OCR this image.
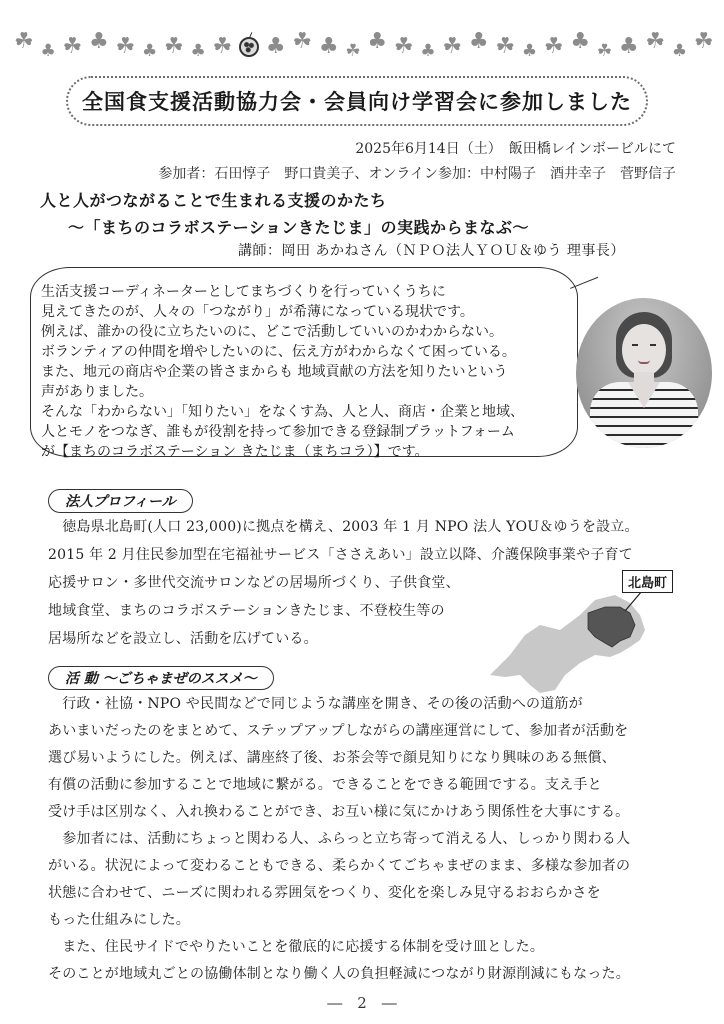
☘ ♣ ☘ ♣ ☘ ♣ ☘ ♣ ☘ ♣ ☘ ♣ ☘ ♣ ☘ ♣ ☘ ♣ ☘ ♣ ☘ ♣ ☘ ♣ ☘ ♣ ☘
全国食支援活動協力会・会員向け学習会に参加しました
2025年6月14日（土）　飯田橋レインボービルにて
参加者：石田惇子　野口貴美子、オンライン参加：中村陽子　酒井幸子　菅野信子
人と人がつながることで生まれる支援のかたち
～「まちのコラボステーションきたじま」の実践からまなぶ～
講師：岡田 あかねさん（ＮＰＯ法人ＹＯＵ＆ゆう 理事長）
生活支援コーディネーターとしてまちづくりを行っていくうちに
見えてきたのが、人々の「つながり」が希薄になっている現状です。
例えば、誰かの役に立ちたいのに、どこで活動していいのかわからない。
ボランティアの仲間を増やしたいのに、伝え方がわからなくて困っている。
また、地元の商店や企業の皆さまからも 地域貢献の方法を知りたいという
声がありました。
そんな「わからない」「知りたい」をなくす為、人と人、商店・企業と地域、
人とモノをつなぎ、誰もが役割を持って参加できる登録制プラットフォーム
が【まちのコラボステーション きたじま（まちコラ）】です。
法人プロフィール
　徳島県北島町(人口 23,000)に拠点を構え、2003 年 1 月 NPO 法人 YOU＆ゆうを設立。
2015 年 2 月住民参加型在宅福祉サービス「ささえあい」設立以降、介護保険事業や子育て
応援サロン・多世代交流サロンなどの居場所づくり、子供食堂、
地域食堂、まちのコラボステーションきたじま、不登校生等の
居場所などを設立し、活動を広げている。
北島町
活 動 ～ごちゃまぜのススメ～
　行政・社協・NPO や民間などで同じような講座を開き、その後の活動への道筋が
あいまいだったのをまとめて、ステップアップしながらの講座運営にして、参加者が活動を
選び易いようにした。例えば、講座終了後、お茶会等で顔見知りになり興味のある無償、
有償の活動に参加することで地域に繋がる。できることをできる範囲でする。支え手と
受け手は区別なく、入れ換わることができ、お互い様に気にかけあう関係性を大事にする。
　参加者には、活動にちょっと関わる人、ふらっと立ち寄って消える人、しっかり関わる人
がいる。状況によって変わることもできる、柔らかくてごちゃまぜのまま、多様な参加者の
状態に合わせて、ニーズに関われる雰囲気をつくり、変化を楽しみ見守るおおらかさを
もった仕組みにした。
　また、住民サイドでやりたいことを徹底的に応援する体制を受け皿とした。
そのことが地域丸ごとの協働体制となり働く人の負担軽減につながり財源削減にもなった。
―　2　―
